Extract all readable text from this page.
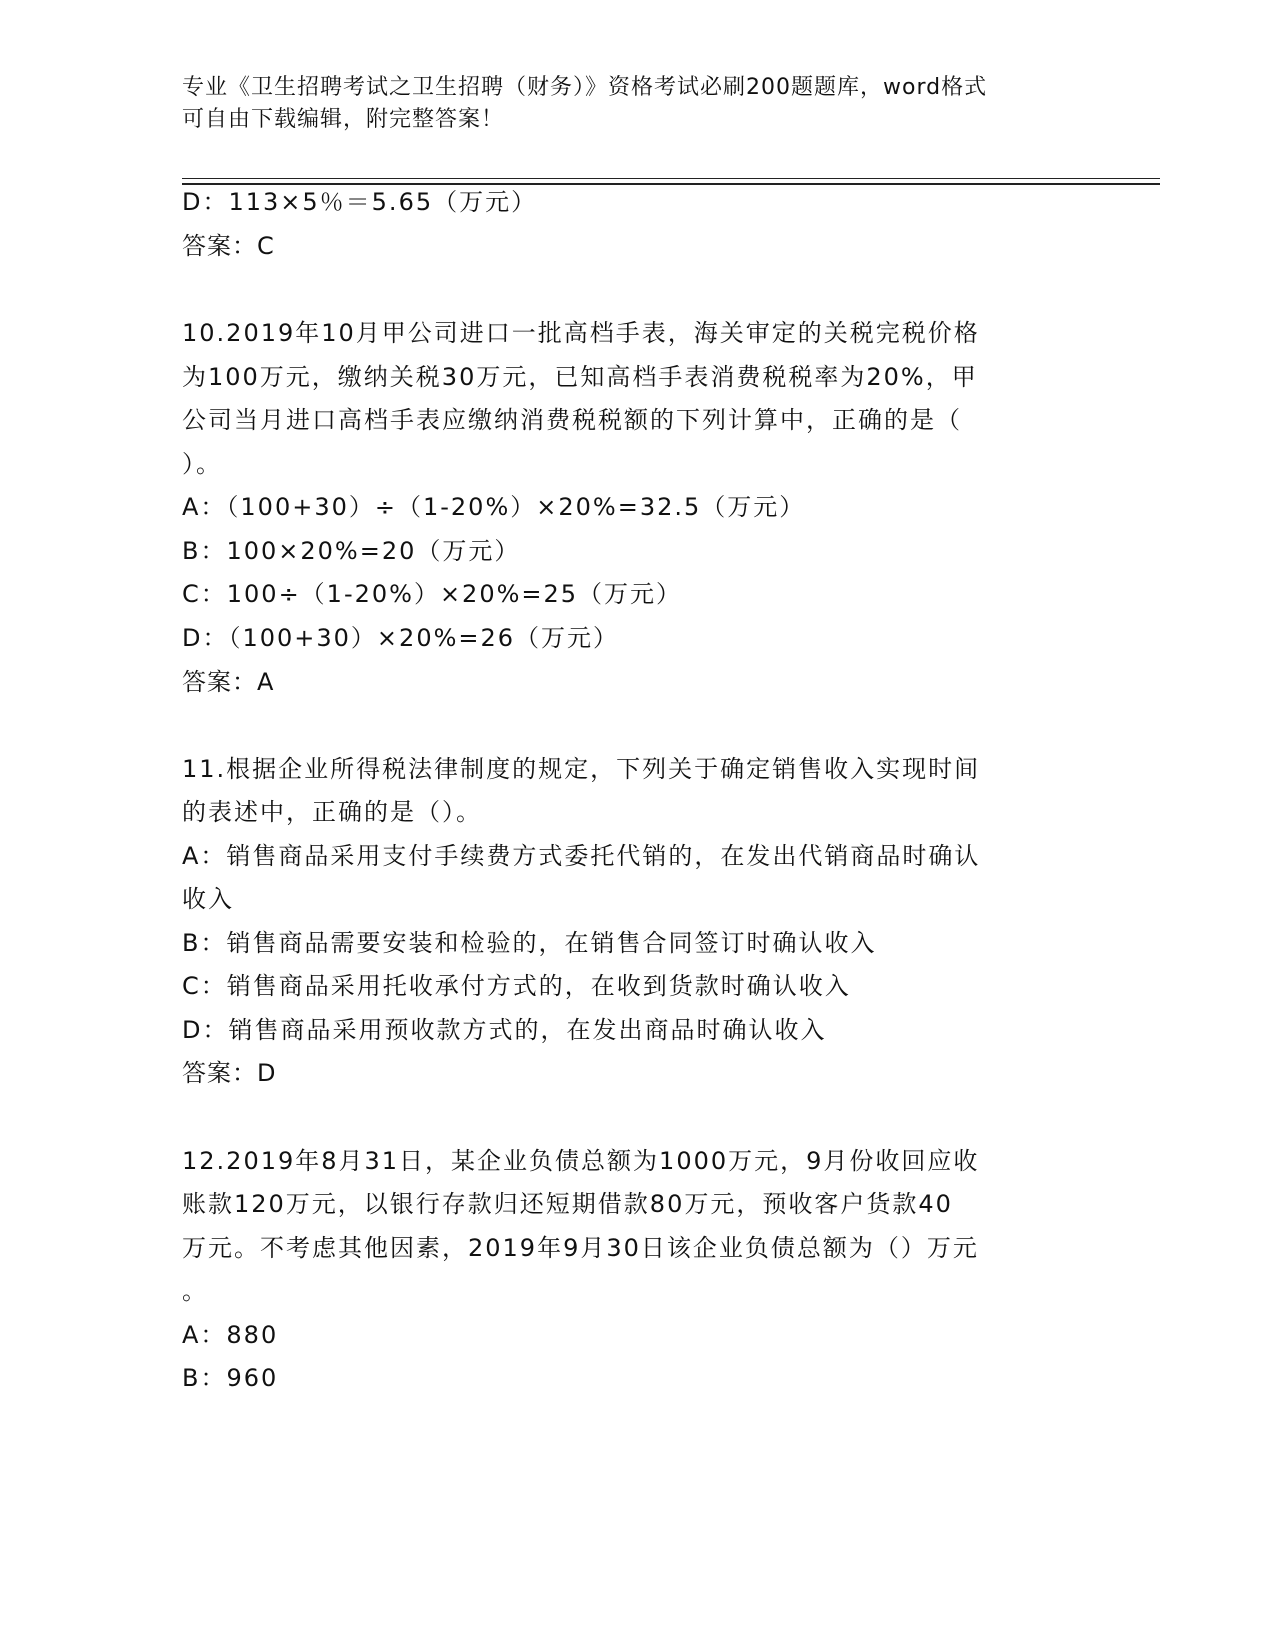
专业《卫生招聘考试之卫生招聘（财务）》资格考试必刷200题题库，word格式
可自由下载编辑，附完整答案！
D：113×5％＝5.65（万元）
答案：C
10.2019年10月甲公司进口一批高档手表，海关审定的关税完税价格
为100万元，缴纳关税30万元，已知高档手表消费税税率为20%，甲
公司当月进口高档手表应缴纳消费税税额的下列计算中，正确的是（
）。
A：（100+30）÷（1-20%）×20%=32.5（万元）
B：100×20%=20（万元）
C：100÷（1-20%）×20%=25（万元）
D：（100+30）×20%=26（万元）
答案：A
11.根据企业所得税法律制度的规定，下列关于确定销售收入实现时间
的表述中，正确的是（）。
A：销售商品采用支付手续费方式委托代销的，在发出代销商品时确认
收入
B：销售商品需要安装和检验的，在销售合同签订时确认收入
C：销售商品采用托收承付方式的，在收到货款时确认收入
D：销售商品采用预收款方式的，在发出商品时确认收入
答案：D
12.2019年8月31日，某企业负债总额为1000万元，9月份收回应收
账款120万元，以银行存款归还短期借款80万元，预收客户货款40
万元。不考虑其他因素，2019年9月30日该企业负债总额为（）万元
。
A：880
B：960
